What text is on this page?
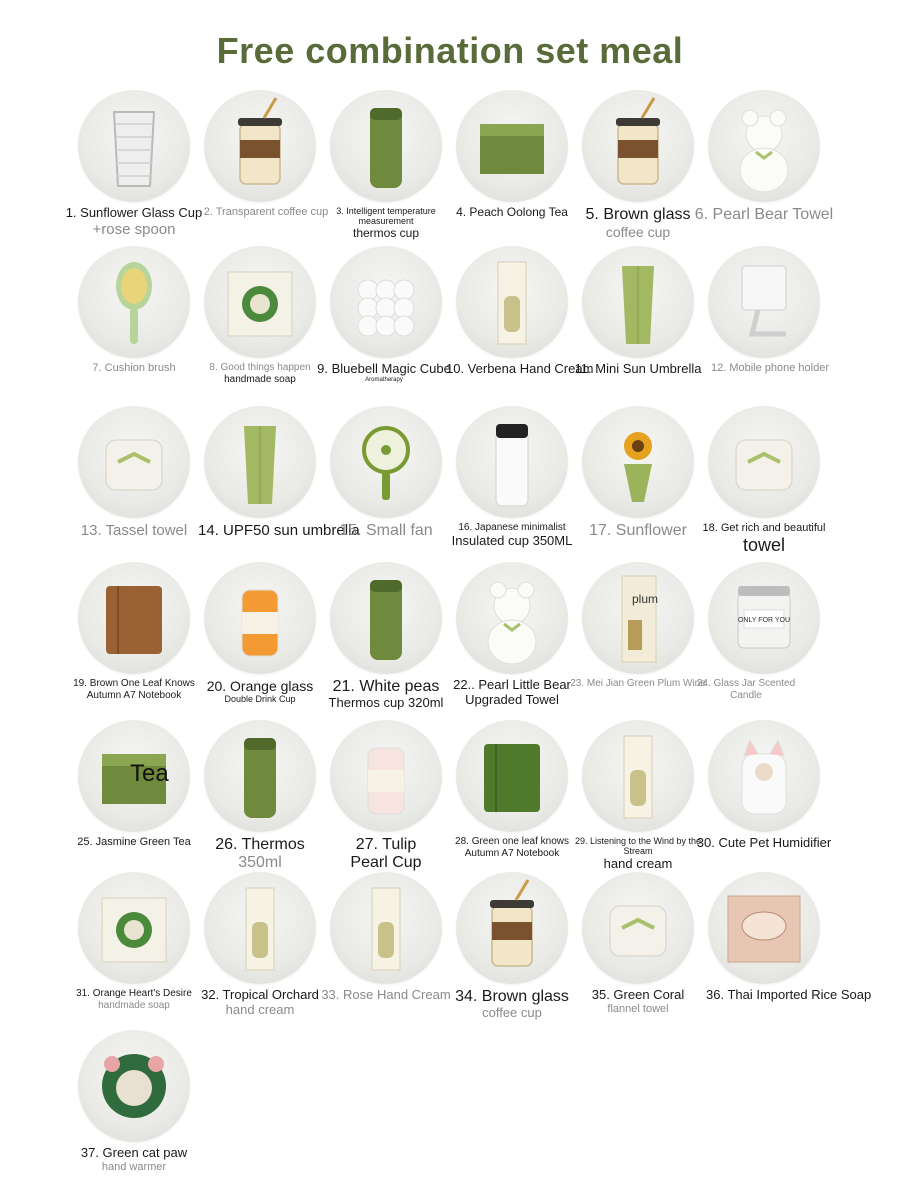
Free combination set meal
1. Sunflower Glass Cup
+rose spoon
2. Transparent coffee cup 3. Intelligent temperature
measurement
thermos cup
4. Peach Oolong Tea	5. Brown glass
coffee cup
6. Pearl Bear Towel
7. Cushion brush	8. Good things happen
handmade soap
9. Bluebell Magic Cube
Aromatherapy
10. Verbena Hand Cream
11. Mini Sun Umbrella 12. Mobile phone holder
13. Tassel towel 14. UPF50 sun umbrella
15. Small fan	16. Japanese minimalist
Insulated cup 350ML
17. Sunflower	18. Get rich and beautiful
towel
19. Brown One Leaf Knows
Autumn A7 Notebook
20. Orange glass
Double Drink Cup
21. White peas
Thermos cup 320ml
22.. Pearl Little Bear
Upgraded Towel
plum
23. Mei Jian Green Plum Wine
ONLY FOR YOU
24. Glass Jar Scented
Candle
Tea
25. Jasmine Green Tea	26. Thermos
350ml
27. Tulip
Pearl Cup
28. Green one leaf knows
Autumn A7 Notebook
29. Listening to the Wind by the
Stream
hand cream
30. Cute Pet Humidifier
31. Orange Heart's Desire
handmade soap
32. Tropical Orchard
hand cream
33. Rose Hand Cream 34. Brown glass
coffee cup
35. Green Coral
flannel towel
36. Thai Imported Rice Soap
37. Green cat paw
hand warmer
